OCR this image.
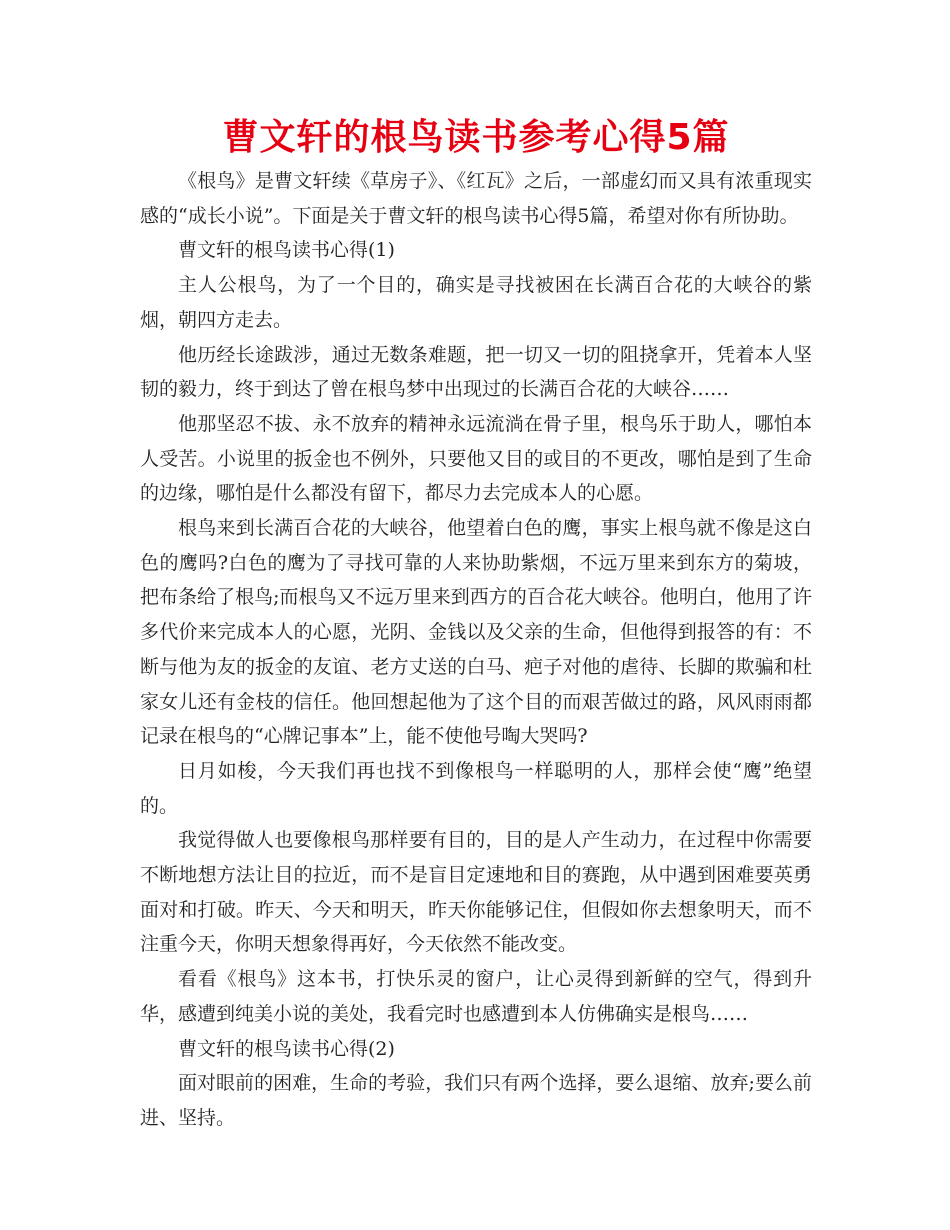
曹文轩的根鸟读书参考心得5篇

《根鸟》是曹文轩续《草房子》、《红瓦》之后，一部虚幻而又具有浓重现实感的“成长小说”。下面是关于曹文轩的根鸟读书心得5篇，希望对你有所协助。

曹文轩的根鸟读书心得(1)

主人公根鸟，为了一个目的，确实是寻找被困在长满百合花的大峡谷的紫烟，朝四方走去。

他历经长途跋涉，通过无数条难题，把一切又一切的阻挠拿开，凭着本人坚韧的毅力，终于到达了曾在根鸟梦中出现过的长满百合花的大峡谷……

他那坚忍不拔、永不放弃的精神永远流淌在骨子里，根鸟乐于助人，哪怕本人受苦。小说里的扳金也不例外，只要他又目的或目的不更改，哪怕是到了生命的边缘，哪怕是什么都没有留下，都尽力去完成本人的心愿。

根鸟来到长满百合花的大峡谷，他望着白色的鹰，事实上根鸟就不像是这白色的鹰吗?白色的鹰为了寻找可靠的人来协助紫烟，不远万里来到东方的菊坡，把布条给了根鸟;而根鸟又不远万里来到西方的百合花大峡谷。他明白，他用了许多代价来完成本人的心愿，光阴、金钱以及父亲的生命，但他得到报答的有：不断与他为友的扳金的友谊、老方丈送的白马、疤子对他的虐待、长脚的欺骗和杜家女儿还有金枝的信任。他回想起他为了这个目的而艰苦做过的路，风风雨雨都记录在根鸟的“心牌记事本”上，能不使他号啕大哭吗?

日月如梭，今天我们再也找不到像根鸟一样聪明的人，那样会使“鹰”绝望的。

我觉得做人也要像根鸟那样要有目的，目的是人产生动力，在过程中你需要不断地想方法让目的拉近，而不是盲目定速地和目的赛跑，从中遇到困难要英勇面对和打破。昨天、今天和明天，昨天你能够记住，但假如你去想象明天，而不注重今天，你明天想象得再好，今天依然不能改变。

看看《根鸟》这本书，打快乐灵的窗户，让心灵得到新鲜的空气，得到升华，感遭到纯美小说的美处，我看完时也感遭到本人仿佛确实是根鸟……

曹文轩的根鸟读书心得(2)

面对眼前的困难，生命的考验，我们只有两个选择，要么退缩、放弃;要么前进、坚持。
